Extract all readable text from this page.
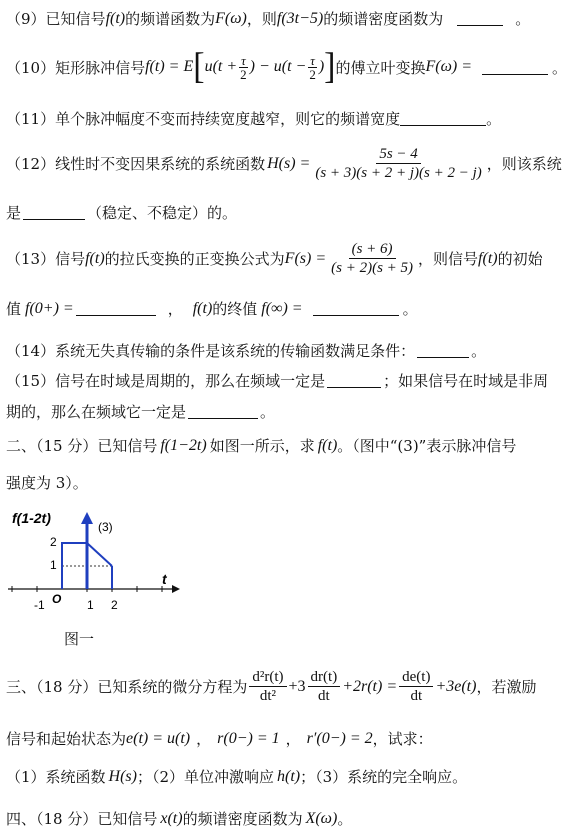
（9） 已知信号 f(t) 的频谱函数为 F(ω) ，则 f(3t−5) 的频谱密度函数为	。
（10） 矩形脉冲信号 f(t) = E [ $u(t + \frac{\tau}{2}$ ) − $u(t - \frac{\tau}{2}$ ) ] 的傅立叶变换 F(ω) =	。
（11） 单个脉冲幅度不变而持续宽度越窄，则它的频谱宽度	。
（12） 线性时不变因果系统的系统函数 $H(s) = \frac{5s - 4}{(s + 3)(s + 2 + j)(s + 2 - j)}$ ，则该系统
是	（稳定、不稳定）的。
（13） 信号 f(t) 的拉氏变换的正变换公式为 $F(s) = \frac{(s + 6)}{(s + 2)(s + 5)}$ ，则信号 f(t) 的初始
值 f(0 + ) =	， f(t) 的终值 f(∞) =	。
（14） 系统无失真传输的条件是该系统的传输函数满足条件：	。
（15） 信号在时域是周期的，那么在频域一定是	；如果信号在时域是非周
期的，那么在频域它一定是	。
二、（15 分）已知信号 f(1−2t) 如图一所示，求 f(t) 。（图中“(3)”表示脉冲信号
强度为 3）。
f(1-2t)
(3)
t
O
2
1
-1	1 2
图一
三、（18 分）已知系统的微分方程为 $\frac{\text{d²r(t)}}{\text{dt²}} +3 \frac{dr(t)}{dt} +2r(t) = \frac{de(t)}{dt} +3e(t)$ ，若激励
信号和起始状态为 e(t) = u(t) ， r(0 − ) = 1 ， r′(0 − ) = 2 ，试求：
（1）系统函数 H(s) ；（2）单位冲激响应 h(t) ；（3）系统的完全响应。
四、（18 分）已知信号 x(t) 的频谱密度函数为 X(ω) 。
